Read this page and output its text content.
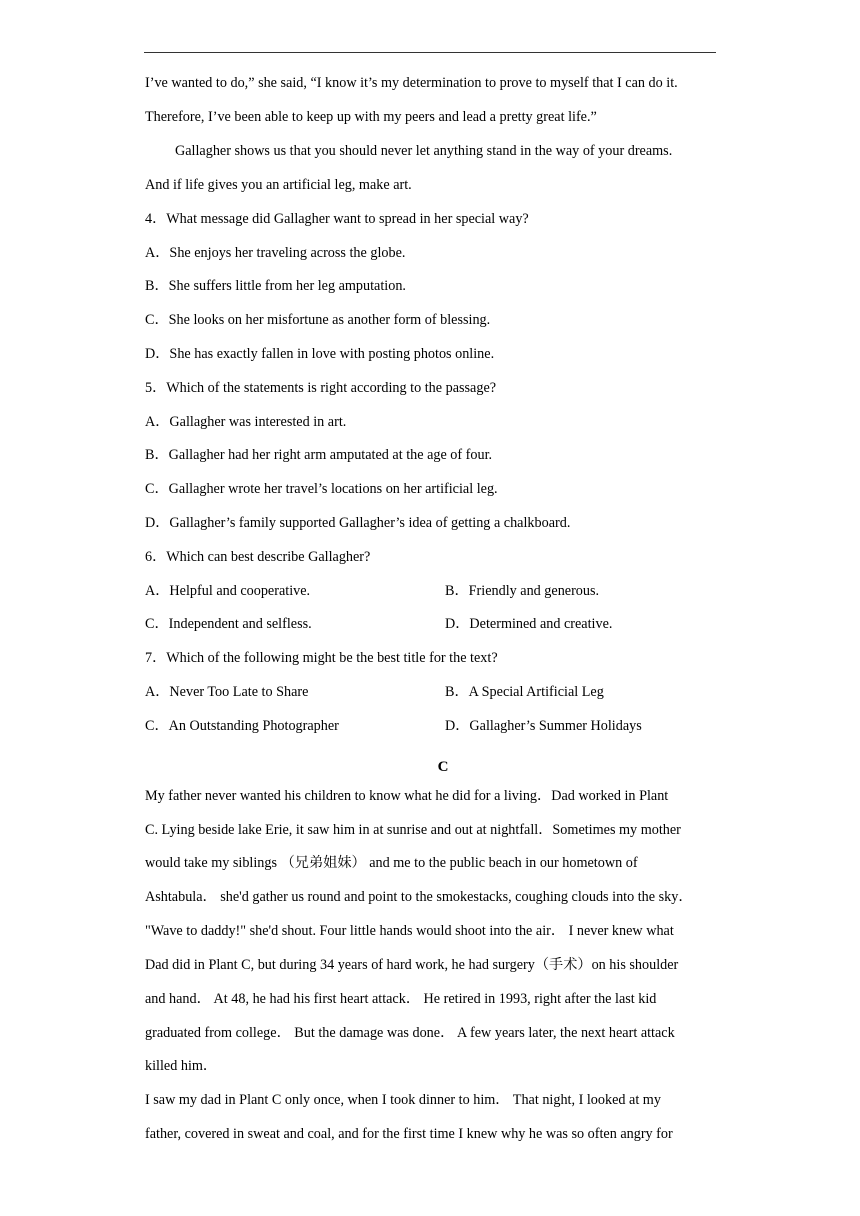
I’ve wanted to do,” she said, “I know it’s my determination to prove to myself that I can do it.
Therefore, I’ve been able to keep up with my peers and lead a pretty great life.”
Gallagher shows us that you should never let anything stand in the way of your dreams.
And if life gives you an artificial leg, make art.
4．What message did Gallagher want to spread in her special way?
A．She enjoys her traveling across the globe.
B．She suffers little from her leg amputation.
C．She looks on her misfortune as another form of blessing.
D．She has exactly fallen in love with posting photos online.
5．Which of the statements is right according to the passage?
A．Gallagher was interested in art.
B．Gallagher had her right arm amputated at the age of four.
C．Gallagher wrote her travel’s locations on her artificial leg.
D．Gallagher’s family supported Gallagher’s idea of getting a chalkboard.
6．Which can best describe Gallagher?
A．Helpful and cooperative.	B．Friendly and generous.
C．Independent and selfless.	D．Determined and creative.
7．Which of the following might be the best title for the text?
A．Never Too Late to Share	B．A Special Artificial Leg
C．An Outstanding Photographer	D．Gallagher’s Summer Holidays
C
My father never wanted his children to know what he did for a living．Dad worked in Plant
C. Lying beside lake Erie, it saw him in at sunrise and out at nightfall．Sometimes my mother
would take my siblings （兄弟姐妹） and me to the public beach in our hometown of
Ashtabula． she'd gather us round and point to the smokestacks, coughing clouds into the sky．
"Wave to daddy!" she'd shout. Four little hands would shoot into the air． I never knew what
Dad did in Plant C, but during 34 years of hard work, he had surgery（手术）on his shoulder
and hand． At 48, he had his first heart attack． He retired in 1993, right after the last kid
graduated from college． But the damage was done． A few years later, the next heart attack
killed him．
I saw my dad in Plant C only once, when I took dinner to him． That night, I looked at my
father, covered in sweat and coal, and for the first time I knew why he was so often angry for
